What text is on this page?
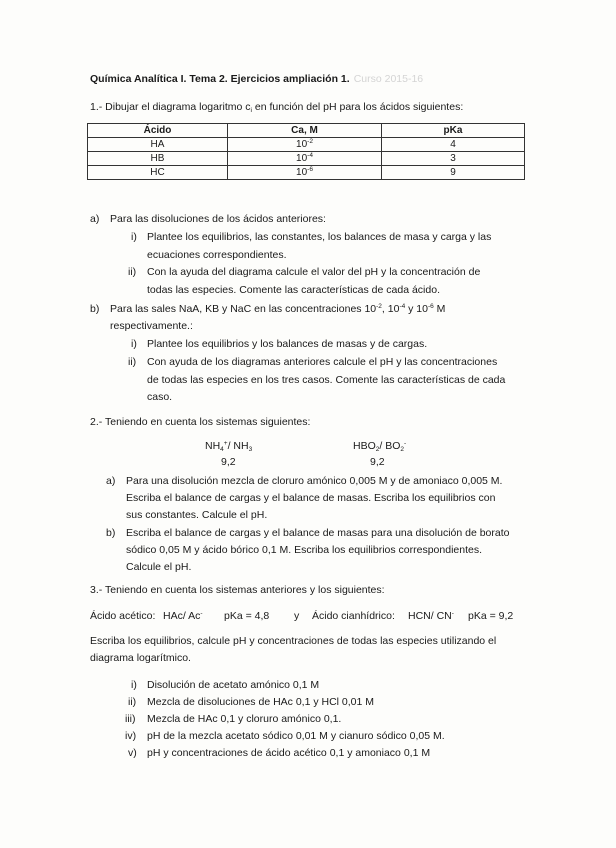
Química Analítica I. Tema 2. Ejercicios ampliación 1. Curso 2015-16
1.- Dibujar el diagrama logaritmo $c_i$ en función del pH para los ácidos siguientes:
Ácido	Ca, M	pKa
HA	$10^{-2}$	4
HB	$10^{-4}$	3
HC	$10^{-6}$	9
a) Para las disoluciones de los ácidos anteriores:
i) Plantee los equilibrios, las constantes, los balances de masa y carga y las
ecuaciones correspondientes.
ii) Con la ayuda del diagrama calcule el valor del pH y la concentración de
todas las especies. Comente las características de cada ácido.
b) Para las sales NaA, KB y NaC en las concentraciones $10^{-2}$, $10^{-4}$ y $10^{-6}$ M
respectivamente.:
i) Plantee los equilibrios y los balances de masas y de cargas.
ii) Con ayuda de los diagramas anteriores calcule el pH y las concentraciones
de todas las especies en los tres casos. Comente las características de cada
caso.
2.- Teniendo en cuenta los sistemas siguientes:
$NH_4^+/$ $NH_3$
9,2
$HBO_2/$ $BO_2^-$
9,2
a) Para una disolución mezcla de cloruro amónico 0,005 M y de amoniaco 0,005 M.
Escriba el balance de cargas y el balance de masas. Escriba los equilibrios con
sus constantes. Calcule el pH.
b) Escriba el balance de cargas y el balance de masas para una disolución de borato
sódico 0,05 M y ácido bórico 0,1 M. Escriba los equilibrios correspondientes.
Calcule el pH.
3.- Teniendo en cuenta los sistemas anteriores y los siguientes:
Ácido acético: HAc/ Ac- pKa = 4,8 y Ácido cianhídrico: HCN/ CN- pKa = 9,2
Escriba los equilibrios, calcule pH y concentraciones de todas las especies utilizando el
diagrama logarítmico.
i) Disolución de acetato amónico 0,1 M
ii) Mezcla de disoluciones de HAc 0,1 y HCl 0,01 M
iii) Mezcla de HAc 0,1 y cloruro amónico 0,1.
iv) pH de la mezcla acetato sódico 0,01 M y cianuro sódico 0,05 M.
v) pH y concentraciones de ácido acético 0,1 y amoniaco 0,1 M
